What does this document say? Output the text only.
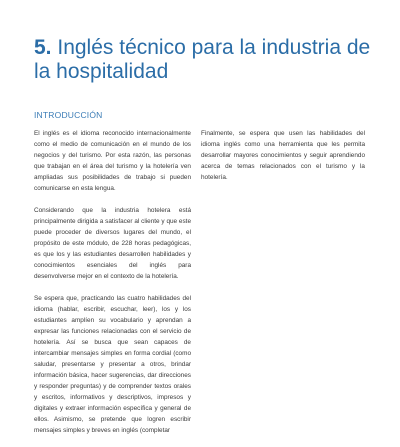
5. Inglés técnico para la industria de la hospitalidad
INTRODUCCIÓN

El inglés es el idioma reconocido internacionalmente como el medio de comunicación en el mundo de los negocios y del turismo. Por esta razón, las personas que trabajan en el área del turismo y la hotelería ven ampliadas sus posibilidades de trabajo si pueden comunicarse en esta lengua.

Considerando que la industria hotelera está principalmente dirigida a satisfacer al cliente y que este puede proceder de diversos lugares del mundo, el propósito de este módulo, de 228 horas pedagógicas, es que los y las estudiantes desarrollen habilidades y conocimientos esenciales del inglés para desenvolverse mejor en el contexto de la hotelería.

Se espera que, practicando las cuatro habilidades del idioma (hablar, escribir, escuchar, leer), los y los estudiantes amplíen su vocabulario y aprendan a expresar las funciones relacionadas con el servicio de hotelería. Así se busca que sean capaces de intercambiar mensajes simples en forma cordial (como saludar, presentarse y presentar a otros, brindar información básica, hacer sugerencias, dar direcciones y responder preguntas) y de comprender textos orales y escritos, informativos y descriptivos, impresos y digitales y extraer información específica y general de ellos. Asimismo, se pretende que logren escribir mensajes simples y breves en inglés (completar

Finalmente, se espera que usen las habilidades del idioma inglés como una herramienta que les permita desarrollar mayores conocimientos y seguir aprendiendo acerca de temas relacionados con el turismo y la hotelería.
